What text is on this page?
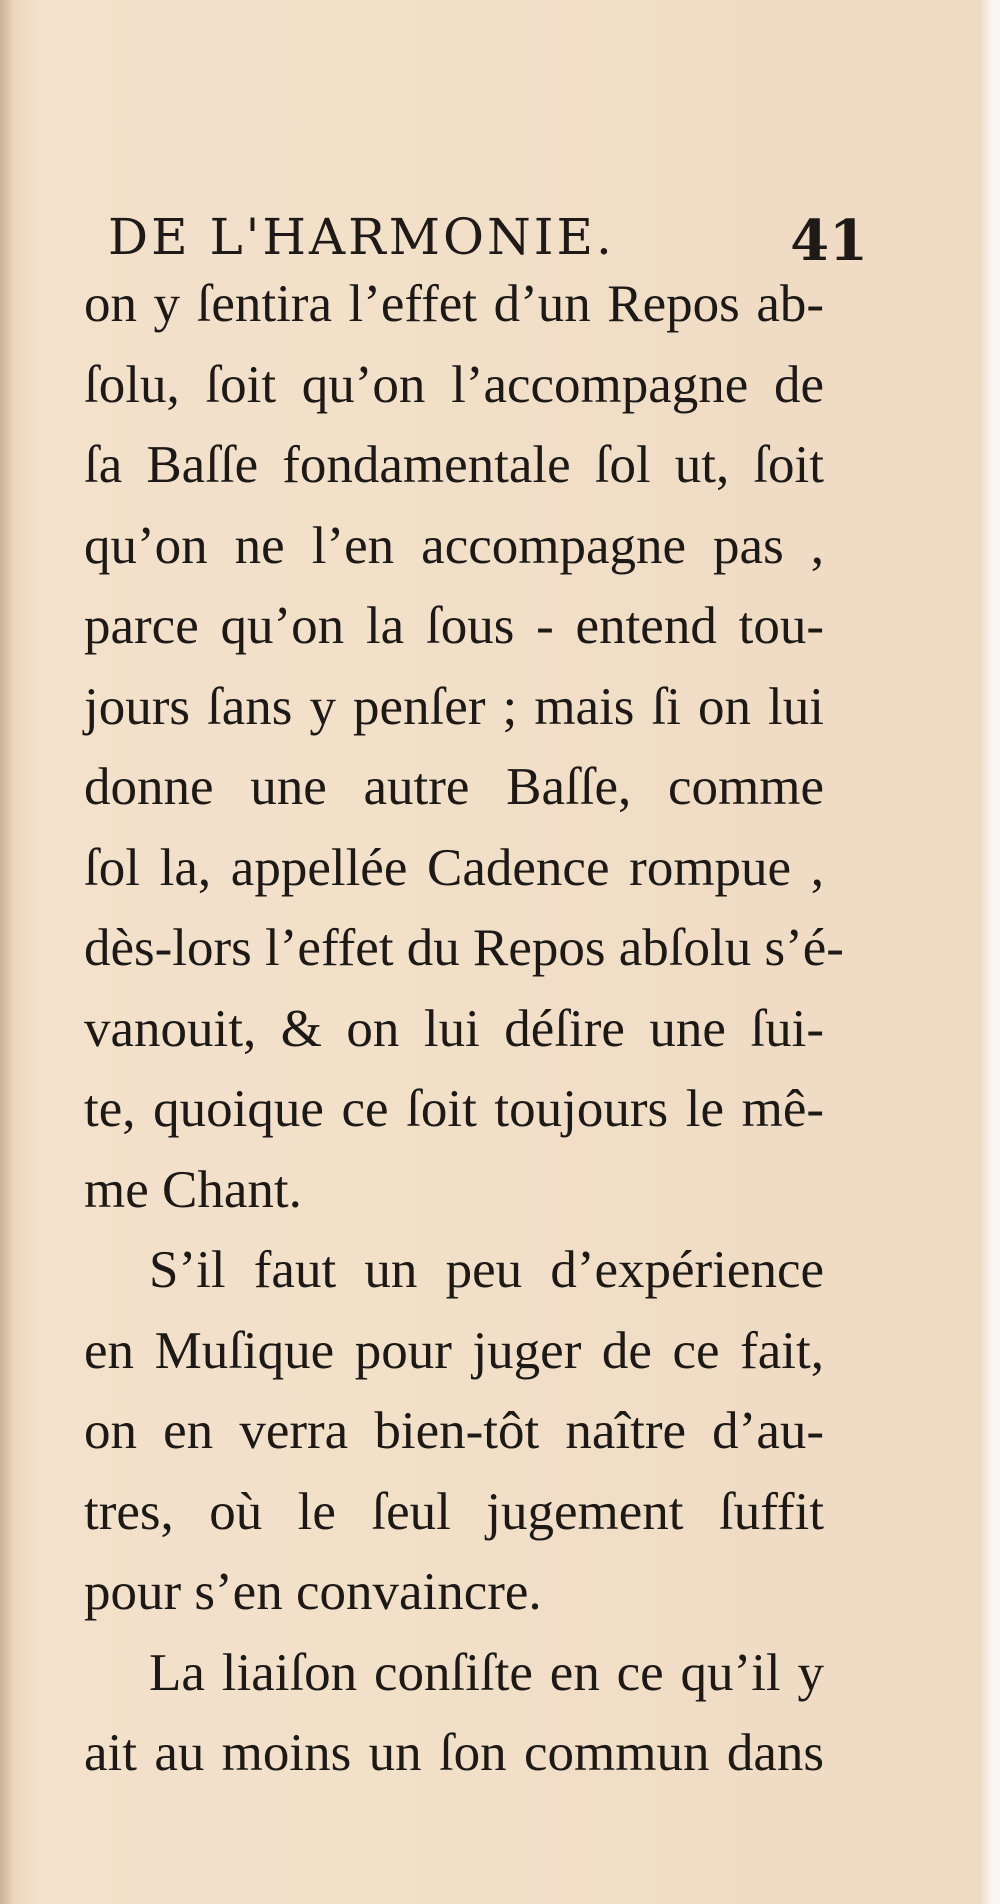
DE L'HARMONIE.	41
on y ſentira l’effet d’un Repos ab-
ſolu, ſoit qu’on l’accompagne de
ſa Baſſe fondamentale ſol ut, ſoit
qu’on ne l’en accompagne pas ,
parce qu’on la ſous - entend tou-
jours ſans y penſer ; mais ſi on lui
donne une autre Baſſe, comme
ſol la, appellée Cadence rompue ,
dès-lors l’effet du Repos abſolu s’é-
vanouit, & on lui déſire une ſui-
te, quoique ce ſoit toujours le mê-
me Chant.
S’il faut un peu d’expérience
en Muſique pour juger de ce fait,
on en verra bien-tôt naître d’au-
tres, où le ſeul jugement ſuffit
pour s’en convaincre.
La liaiſon conſiſte en ce qu’il y
ait au moins un ſon commun dans
